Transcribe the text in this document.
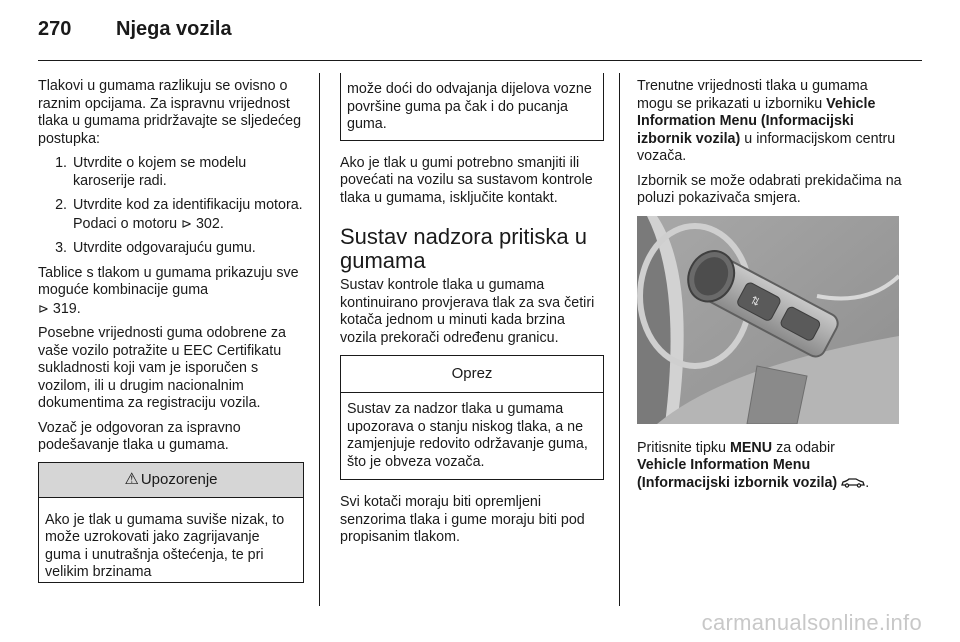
270	Njega vozila

Tlakovi u gumama razlikuju se ovisno o raznim opcijama. Za ispravnu vrijednost tlaka u gumama pridržavajte se sljedećeg postupka:

1. Utvrdite o kojem se modelu karoserije radi.
2. Utvrdite kod za identifikaciju motora. Podaci o motoru ⊳ 302.
3. Utvrdite odgovarajuću gumu.

Tablice s tlakom u gumama prikazuju sve moguće kombinacije guma
⊳ 319.

Posebne vrijednosti guma odobrene za vaše vozilo potražite u EEC Certifikatu sukladnosti koji vam je isporučen s vozilom, ili u drugim nacionalnim dokumentima za registraciju vozila.

Vozač je odgovoran za ispravno podešavanje tlaka u gumama.

⚠ Upozorenje
Ako je tlak u gumama suviše nizak, to može uzrokovati jako zagrijavanje guma i unutrašnja oštećenja, te pri velikim brzinama
može doći do odvajanja dijelova vozne površine guma pa čak i do pucanja guma.

Ako je tlak u gumi potrebno smanjiti ili povećati na vozilu sa sustavom kontrole tlaka u gumama, isključite kontakt.

Sustav nadzora pritiska u gumama

Sustav kontrole tlaka u gumama kontinuirano provjerava tlak za sva četiri kotača jednom u minuti kada brzina vozila prekorači određenu granicu.

Oprez
Sustav za nadzor tlaka u gumama upozorava o stanju niskog tlaka, a ne zamjenjuje redovito održavanje guma, što je obveza vozača.

Svi kotači moraju biti opremljeni senzorima tlaka i gume moraju biti pod propisanim tlakom.

Trenutne vrijednosti tlaka u gumama mogu se prikazati u izborniku Vehicle Information Menu (Informacijski izbornik vozila) u informacijskom centru vozača.

Izbornik se može odabrati prekidačima na poluzi pokazivača smjera.

⇅

Pritisnite tipku MENU za odabir
Vehicle Information Menu (Informacijski izbornik vozila) .

carmanualsonline.info
